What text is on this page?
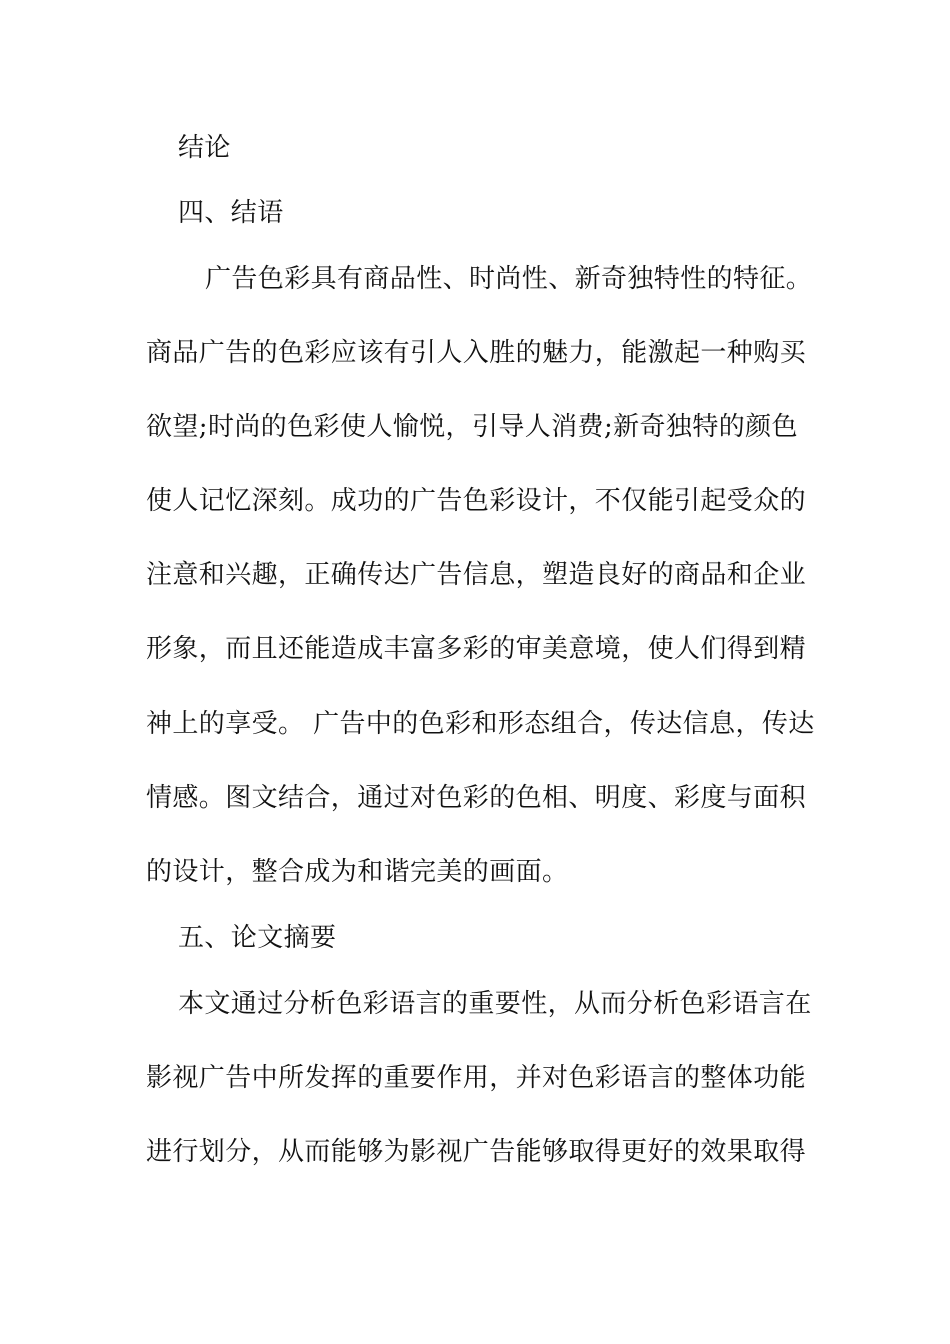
结论
四、结语
广告色彩具有商品性、时尚性、新奇独特性的特征。
商品广告的色彩应该有引人入胜的魅力，能激起一种购买
欲望;时尚的色彩使人愉悦，引导人消费;新奇独特的颜色
使人记忆深刻。成功的广告色彩设计，不仅能引起受众的
注意和兴趣，正确传达广告信息，塑造良好的商品和企业
形象，而且还能造成丰富多彩的审美意境，使人们得到精
神上的享受。 广告中的色彩和形态组合，传达信息，传达
情感。图文结合，通过对色彩的色相、明度、彩度与面积
的设计，整合成为和谐完美的画面。
五、论文摘要
本文通过分析色彩语言的重要性，从而分析色彩语言在
影视广告中所发挥的重要作用，并对色彩语言的整体功能
进行划分，从而能够为影视广告能够取得更好的效果取得
